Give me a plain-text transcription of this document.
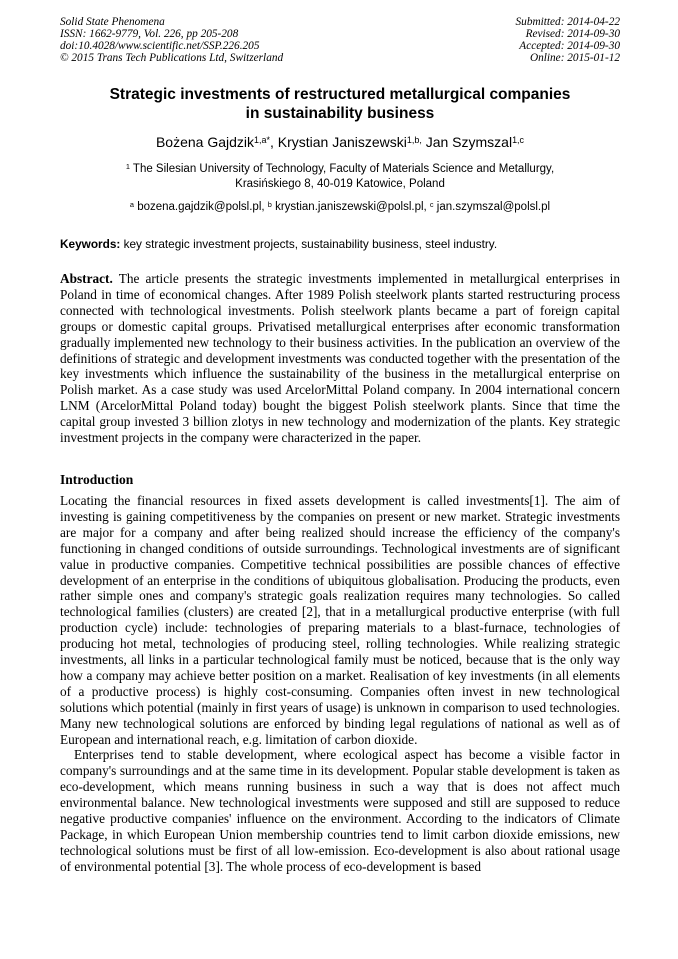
Solid State Phenomena
ISSN: 1662-9779, Vol. 226, pp 205-208
doi:10.4028/www.scientific.net/SSP.226.205
© 2015 Trans Tech Publications Ltd, Switzerland
Submitted: 2014-04-22
Revised: 2014-09-30
Accepted: 2014-09-30
Online: 2015-01-12
Strategic investments of restructured metallurgical companies
in sustainability business
Bożena Gajdzik$^{1,a*}$, Krystian Janiszewski$^{1,b,}$ Jan Szymszal$^{1,c}$
$^1$ The Silesian University of Technology, Faculty of Materials Science and Metallurgy,
Krasińskiego 8, 40-019 Katowice, Poland
$^a$ bozena.gajdzik@polsl.pl, $^b$ krystian.janiszewski@polsl.pl, $^c$ jan.szymszal@polsl.pl
Keywords: key strategic investment projects, sustainability business, steel industry.

Abstract. The article presents the strategic investments implemented in metallurgical enterprises in Poland in time of economical changes. After 1989 Polish steelwork plants started restructuring process connected with technological investments. Polish steelwork plants became a part of foreign capital groups or domestic capital groups. Privatised metallurgical enterprises after economic transformation gradually implemented new technology to their business activities. In the publication an overview of the definitions of strategic and development investments was conducted together with the presentation of the key investments which influence the sustainability of the business in the metallurgical enterprise on Polish market. As a case study was used ArcelorMittal Poland company. In 2004 international concern LNM (ArcelorMittal Poland today) bought the biggest Polish steelwork plants. Since that time the capital group invested 3 billion zlotys in new technology and modernization of the plants. Key strategic investment projects in the company were characterized in the paper.

Introduction

Locating the financial resources in fixed assets development is called investments[1]. The aim of investing is gaining competitiveness by the companies on present or new market. Strategic investments are major for a company and after being realized should increase the efficiency of the company's functioning in changed conditions of outside surroundings. Technological investments are of significant value in productive companies. Competitive technical possibilities are possible chances of effective development of an enterprise in the conditions of ubiquitous globalisation. Producing the products, even rather simple ones and company's strategic goals realization requires many technologies. So called technological families (clusters) are created [2], that in a metallurgical productive enterprise (with full production cycle) include: technologies of preparing materials to a blast-furnace, technologies of producing hot metal, technologies of producing steel, rolling technologies. While realizing strategic investments, all links in a particular technological family must be noticed, because that is the only way how a company may achieve better position on a market. Realisation of key investments (in all elements of a productive process) is highly cost-consuming. Companies often invest in new technological solutions which potential (mainly in first years of usage) is unknown in comparison to used technologies. Many new technological solutions are enforced by binding legal regulations of national as well as of European and international reach, e.g. limitation of carbon dioxide.

Enterprises tend to stable development, where ecological aspect has become a visible factor in company's surroundings and at the same time in its development. Popular stable development is taken as eco-development, which means running business in such a way that is does not affect much environmental balance. New technological investments were supposed and still are supposed to reduce negative productive companies' influence on the environment. According to the indicators of Climate Package, in which European Union membership countries tend to limit carbon dioxide emissions, new technological solutions must be first of all low-emission. Eco-development is also about rational usage of environmental potential [3]. The whole process of eco-development is based
